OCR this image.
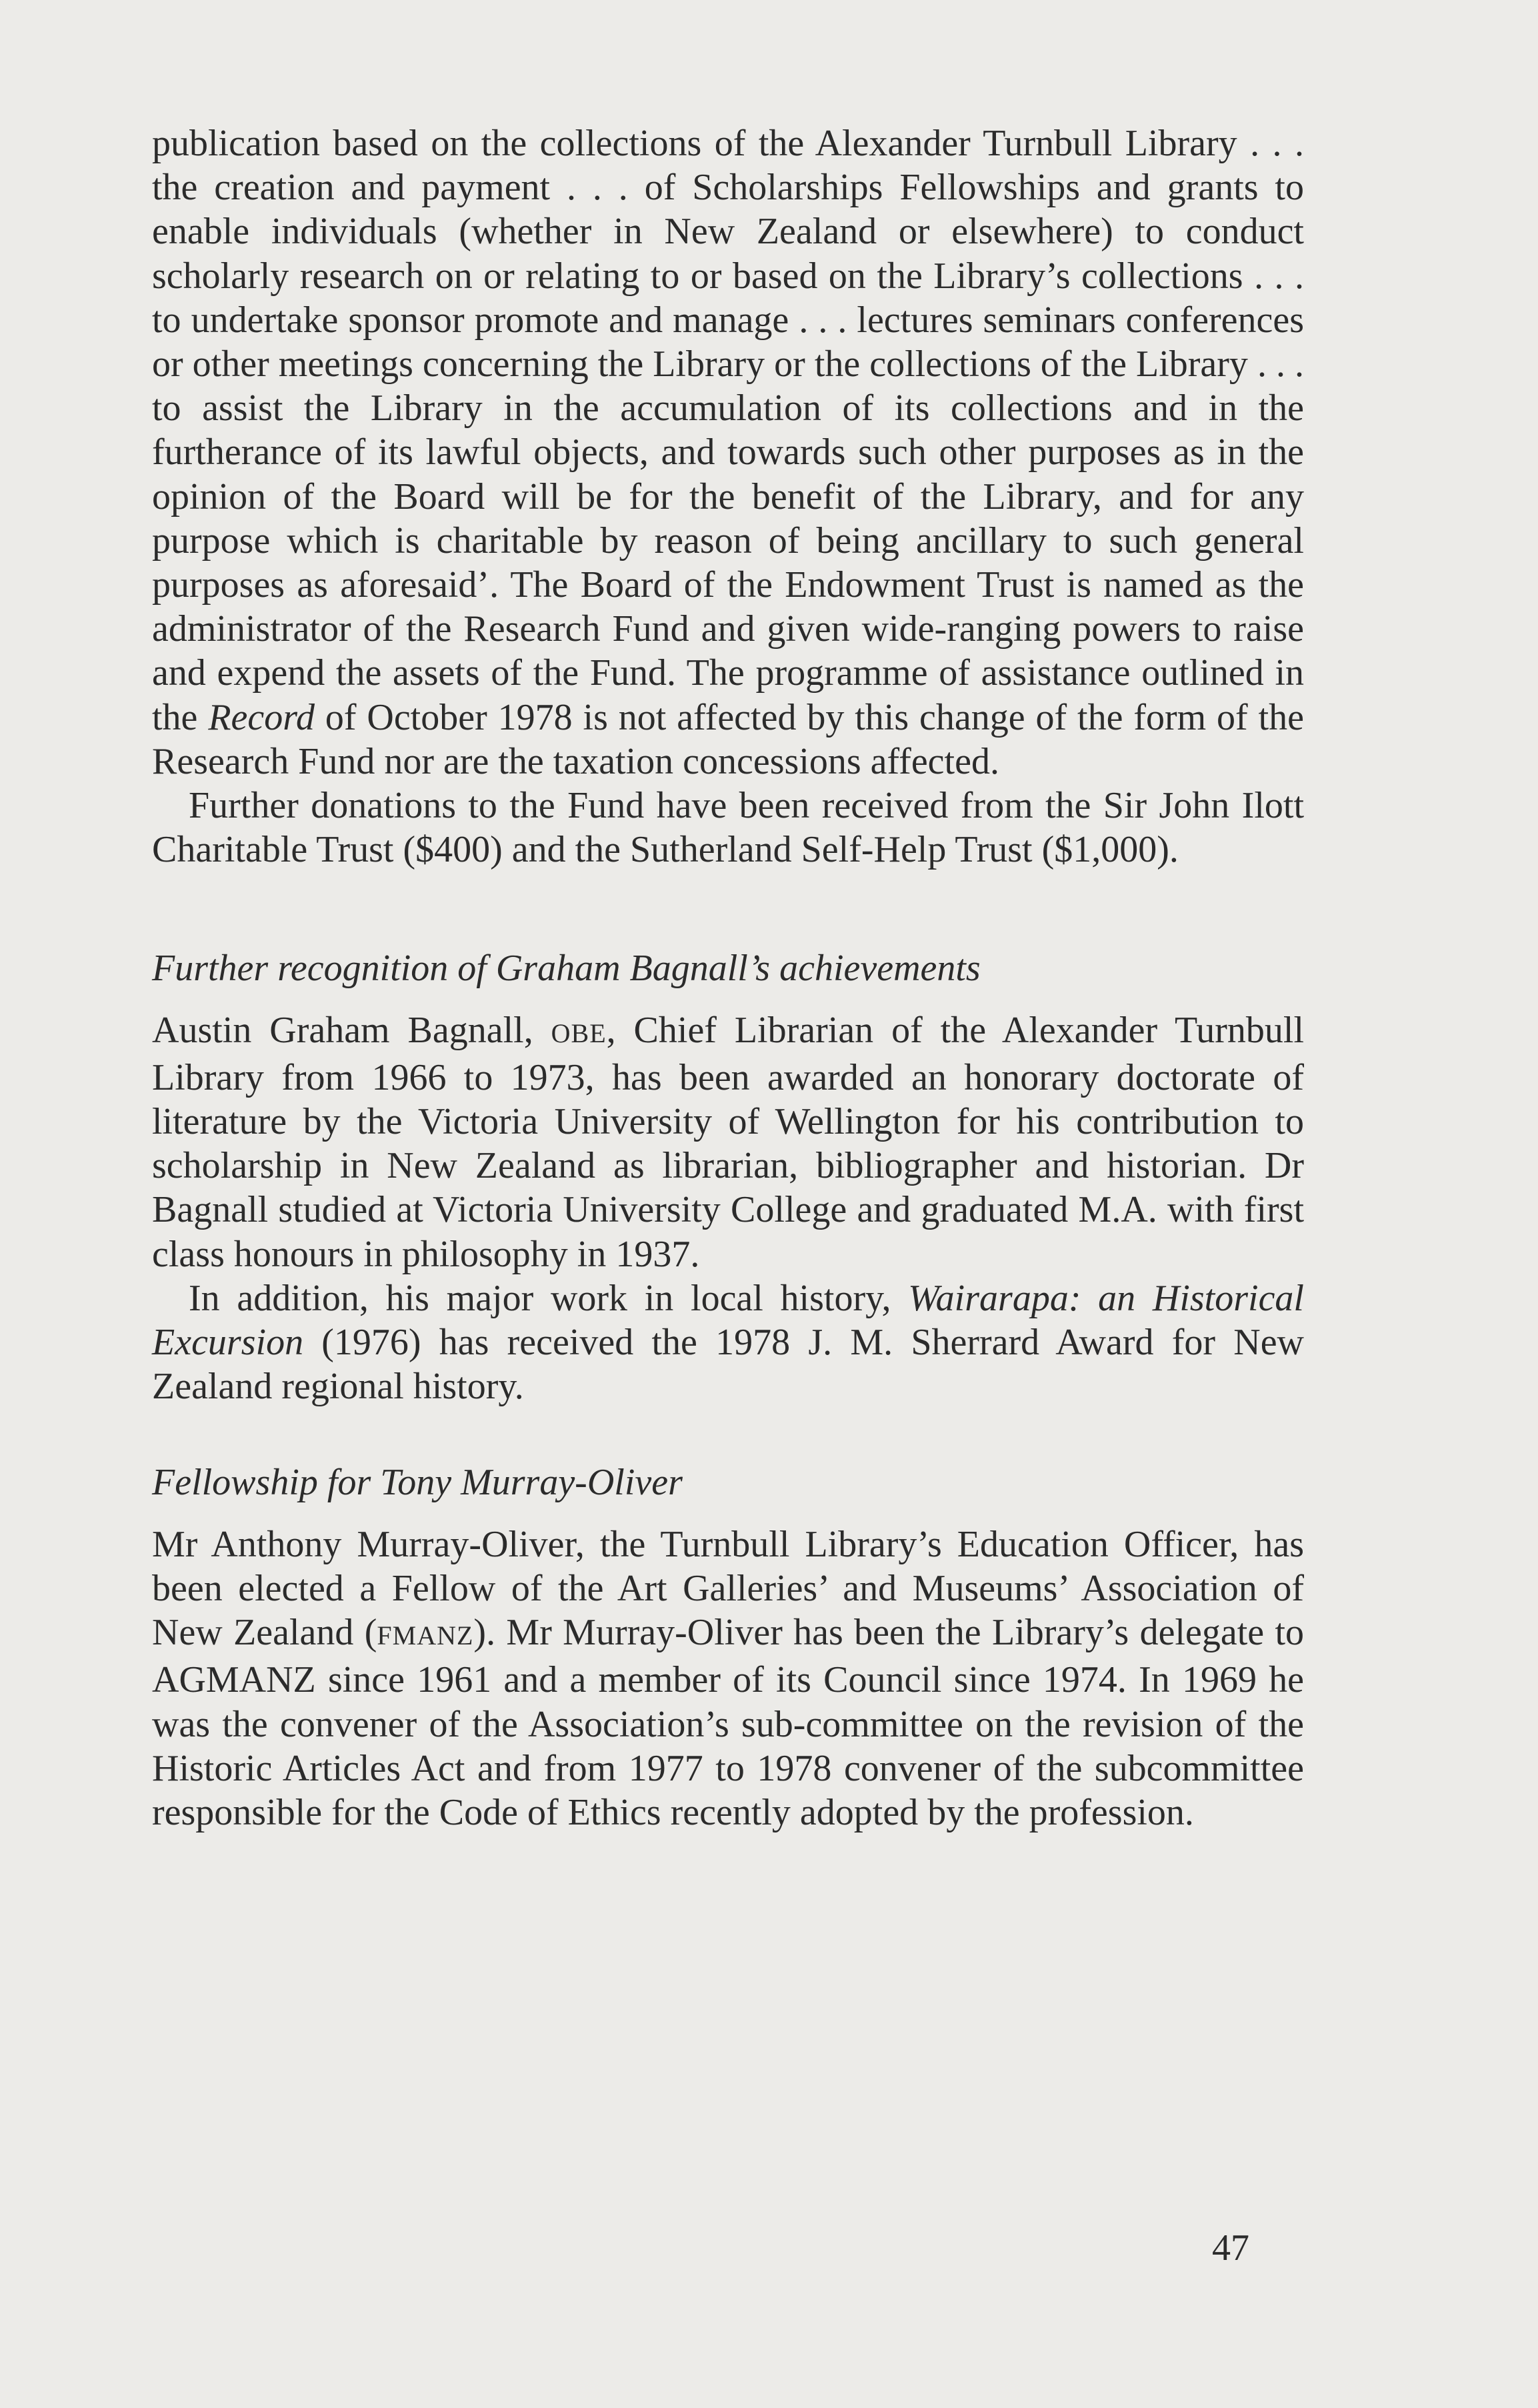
publication based on the collections of the Alexander Turnbull Library . . . the creation and payment . . . of Scholarships Fellowships and grants to enable individuals (whether in New Zealand or elsewhere) to conduct scholarly research on or relating to or based on the Library’s collections . . . to undertake sponsor promote and manage . . . lectures seminars conferences or other meetings concerning the Library or the collections of the Library . . . to assist the Library in the accumulation of its collections and in the furtherance of its lawful objects, and towards such other purposes as in the opinion of the Board will be for the benefit of the Library, and for any purpose which is charitable by reason of being ancillary to such general purposes as aforesaid’. The Board of the Endowment Trust is named as the administrator of the Research Fund and given wide-ranging powers to raise and expend the assets of the Fund. The programme of assistance outlined in the Record of October 1978 is not affected by this change of the form of the Research Fund nor are the taxation concessions affected.

Further donations to the Fund have been received from the Sir John Ilott Charitable Trust ($400) and the Sutherland Self-Help Trust ($1,000).

Further recognition of Graham Bagnall’s achievements

Austin Graham Bagnall, OBE, Chief Librarian of the Alexander Turnbull Library from 1966 to 1973, has been awarded an honorary doctorate of literature by the Victoria University of Wellington for his contribution to scholarship in New Zealand as librarian, bibliographer and historian. Dr Bagnall studied at Victoria University College and graduated M.A. with first class honours in philosophy in 1937.

In addition, his major work in local history, Wairarapa: an Historical Excursion (1976) has received the 1978 J. M. Sherrard Award for New Zealand regional history.

Fellowship for Tony Murray-Oliver

Mr Anthony Murray-Oliver, the Turnbull Library’s Education Officer, has been elected a Fellow of the Art Galleries’ and Museums’ Association of New Zealand (FMANZ). Mr Murray-Oliver has been the Library’s delegate to AGMANZ since 1961 and a member of its Council since 1974. In 1969 he was the convener of the Association’s sub-committee on the revision of the Historic Articles Act and from 1977 to 1978 convener of the subcommittee responsible for the Code of Ethics recently adopted by the profession.

47
